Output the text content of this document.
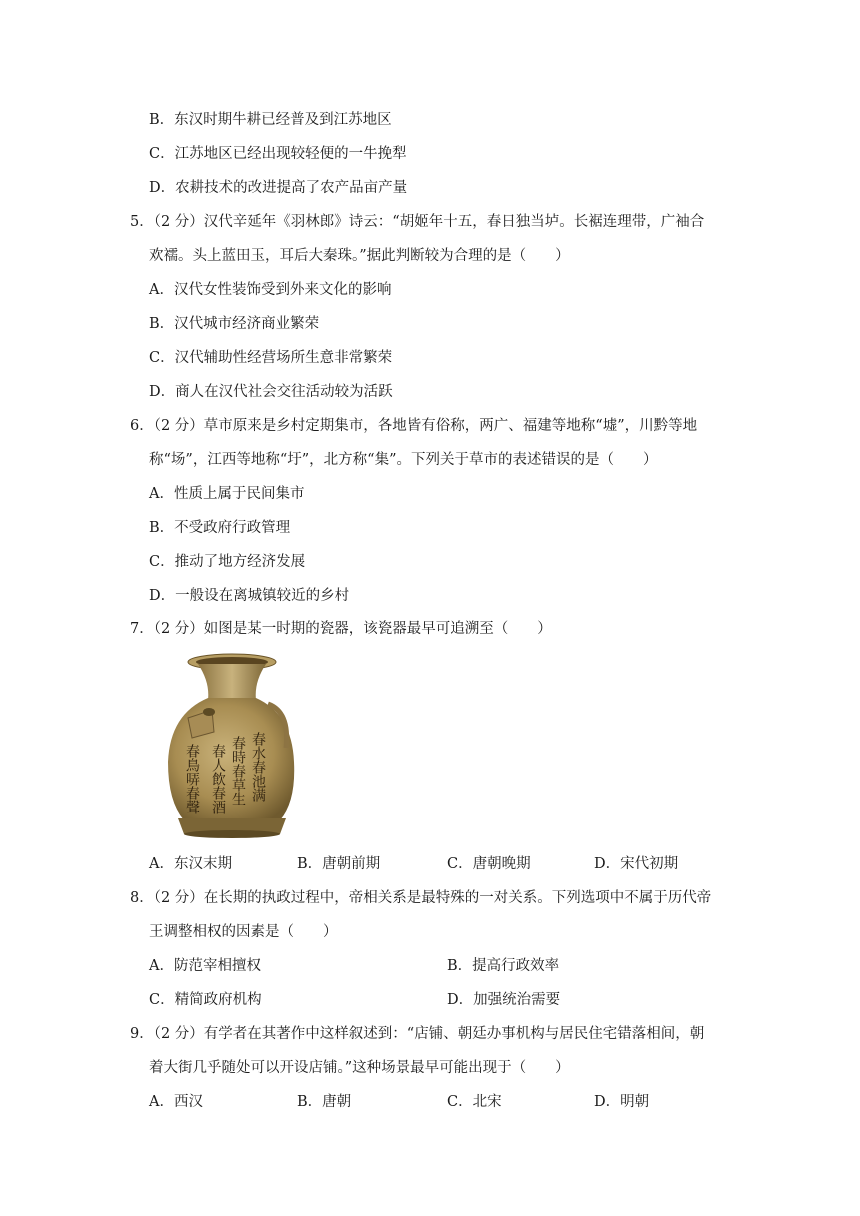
B．东汉时期牛耕已经普及到江苏地区
C．江苏地区已经出现较轻便的一牛挽犁
D．农耕技术的改进提高了农产品亩产量
5．（2 分）汉代辛延年《羽林郎》诗云：“胡姬年十五，春日独当垆。长裾连理带，广袖合
欢襦。头上蓝田玉，耳后大秦珠。”据此判断较为合理的是（　　）
A．汉代女性装饰受到外来文化的影响
B．汉代城市经济商业繁荣
C．汉代辅助性经营场所生意非常繁荣
D．商人在汉代社会交往活动较为活跃
6．（2 分）草市原来是乡村定期集市，各地皆有俗称，两广、福建等地称“墟”，川黔等地
称“场”，江西等地称“圩”，北方称“集”。下列关于草市的表述错误的是（　　）
A．性质上属于民间集市
B．不受政府行政管理
C．推动了地方经济发展
D．一般设在离城镇较近的乡村
7．（2 分）如图是某一时期的瓷器，该瓷器最早可追溯至（　　）
春水春池满
春時春草生
春人飲春酒
春鳥哢春聲
A．东汉末期	B．唐朝前期	C．唐朝晚期	D．宋代初期
8．（2 分）在长期的执政过程中，帝相关系是最特殊的一对关系。下列选项中不属于历代帝
王调整相权的因素是（　　）
A．防范宰相擅权	B．提高行政效率
C．精简政府机构	D．加强统治需要
9．（2 分）有学者在其著作中这样叙述到：“店铺、朝廷办事机构与居民住宅错落相间，朝
着大街几乎随处可以开设店铺。”这种场景最早可能出现于（　　）
A．西汉	B．唐朝	C．北宋	D．明朝
